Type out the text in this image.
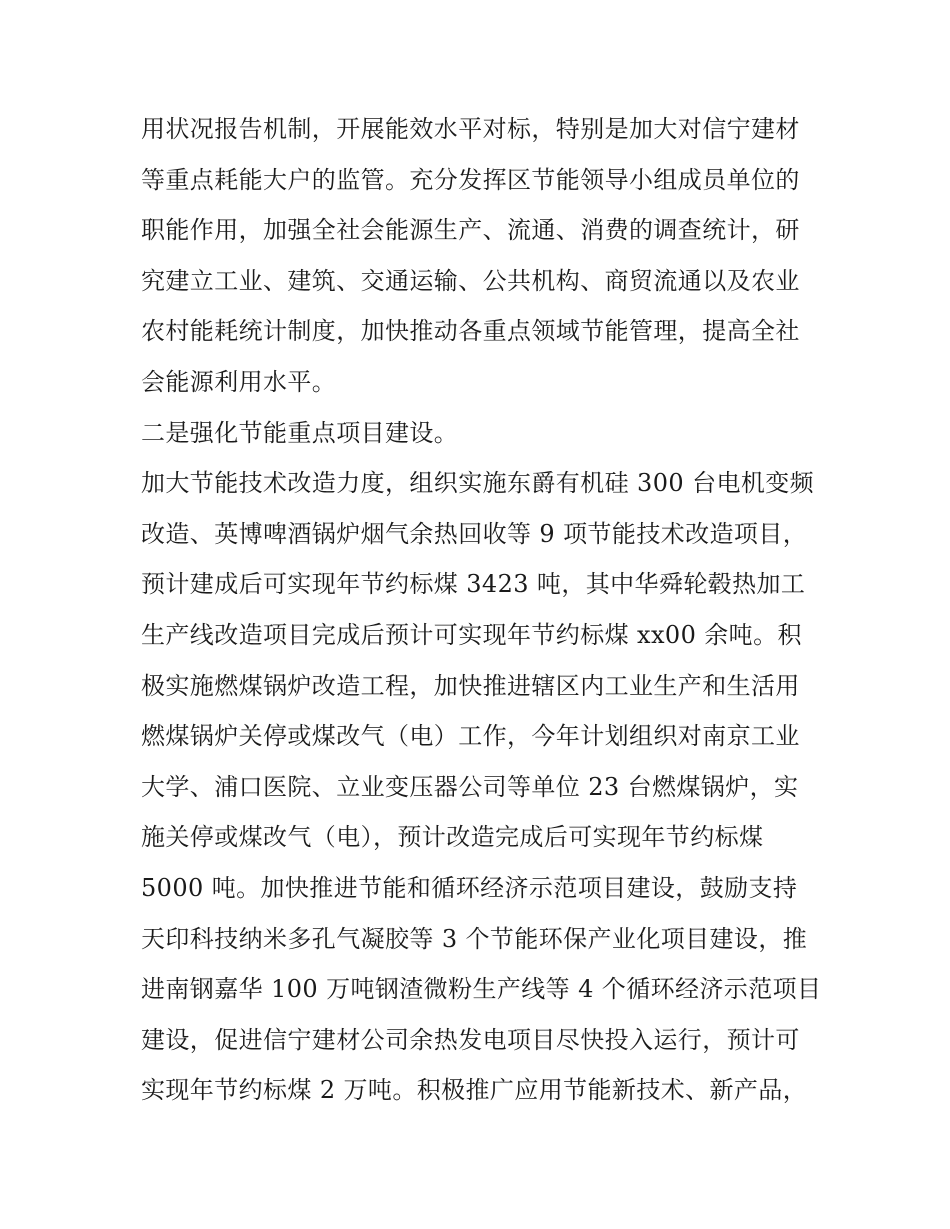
用状况报告机制，开展能效水平对标，特别是加大对信宁建材
等重点耗能大户的监管。充分发挥区节能领导小组成员单位的
职能作用，加强全社会能源生产、流通、消费的调查统计，研
究建立工业、建筑、交通运输、公共机构、商贸流通以及农业
农村能耗统计制度，加快推动各重点领域节能管理，提高全社
会能源利用水平。
二是强化节能重点项目建设。
加大节能技术改造力度，组织实施东爵有机硅 300 台电机变频
改造、英博啤酒锅炉烟气余热回收等 9 项节能技术改造项目，
预计建成后可实现年节约标煤 3423 吨，其中华舜轮毂热加工
生产线改造项目完成后预计可实现年节约标煤 xx00 余吨。积
极实施燃煤锅炉改造工程，加快推进辖区内工业生产和生活用
燃煤锅炉关停或煤改气（电）工作，今年计划组织对南京工业
大学、浦口医院、立业变压器公司等单位 23 台燃煤锅炉，实
施关停或煤改气（电），预计改造完成后可实现年节约标煤
5000 吨。加快推进节能和循环经济示范项目建设，鼓励支持
天印科技纳米多孔气凝胶等 3 个节能环保产业化项目建设，推
进南钢嘉华 100 万吨钢渣微粉生产线等 4 个循环经济示范项目
建设，促进信宁建材公司余热发电项目尽快投入运行，预计可
实现年节约标煤 2 万吨。积极推广应用节能新技术、新产品，
